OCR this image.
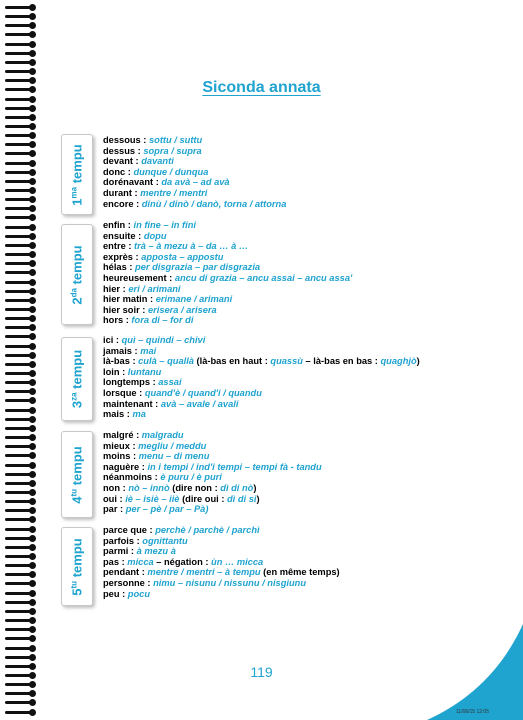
Siconda annata
$1^{ma}$ tempu
$2^{da}$ tempu
$3^{za}$ tempu
$4^{tu}$ tempu
$5^{tu}$ tempu
dessous : sottu / suttu
dessus : sopra / supra
devant : davanti
donc : dunque / dunqua
dorénavant : da avà – ad avà
durant : mentre / mentri
encore : dinù / dinò / danò, torna / attorna
enfin : in fine – in fini
ensuite : dopu
entre : trà – à mezu à – da … à …
exprès : apposta – appostu
hélas : per disgrazia – par disgrazia
heureusement : ancu di grazia – ancu assai – ancu assa'
hier : eri / arimani
hier matin : erimane / arimani
hier soir : erisera / arisera
hors : fora di – for di
ici : quì – quindi – chivi
jamais : mai
là-bas : culà – quallà (là-bas en haut : quassù – là-bas en bas : quaghjò)
loin : luntanu
longtemps : assai
lorsque : quand'è / quand'i / quandu
maintenant : avà – avale / avali
mais : ma
malgré : malgradu
mieux : megliu / meddu
moins : menu – di menu
naguère : in i tempi / ind'i tempi – tempi fà - tandu
néanmoins : è puru / è puri
non : nò – innò (dire non : dì di nò)
oui : iè – isiè – iiè (dire oui : dì di sì)
par : per – pè / par – Pà)
parce que : perchè / parchè / parchì
parfois : ognittantu
parmi : à mezu à
pas : micca – négation : ùn … micca
pendant : mentre / mentri – à tempu (en même temps)
personne : nimu – nisunu / nissunu / nisgiunu
peu : pocu
119
11/06/15 12:05
